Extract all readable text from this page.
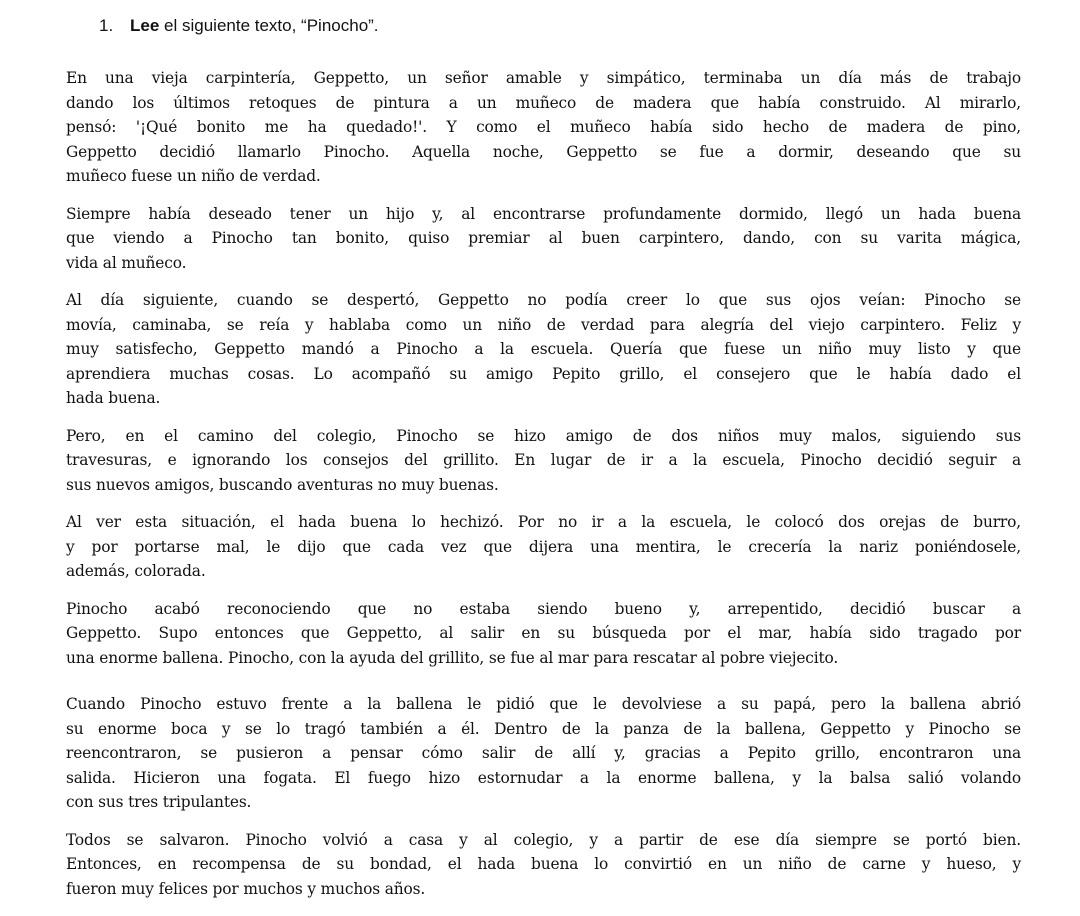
1. Lee el siguiente texto, “Pinocho”.
En una vieja carpintería, Geppetto, un señor amable y simpático, terminaba un día más de trabajo
dando los últimos retoques de pintura a un muñeco de madera que había construido. Al mirarlo,
pensó: '¡Qué bonito me ha quedado!'. Y como el muñeco había sido hecho de madera de pino,
Geppetto decidió llamarlo Pinocho. Aquella noche, Geppetto se fue a dormir, deseando que su
muñeco fuese un niño de verdad.
Siempre había deseado tener un hijo y, al encontrarse profundamente dormido, llegó un hada buena
que viendo a Pinocho tan bonito, quiso premiar al buen carpintero, dando, con su varita mágica,
vida al muñeco.
Al día siguiente, cuando se despertó, Geppetto no podía creer lo que sus ojos veían: Pinocho se
movía, caminaba, se reía y hablaba como un niño de verdad para alegría del viejo carpintero. Feliz y
muy satisfecho, Geppetto mandó a Pinocho a la escuela. Quería que fuese un niño muy listo y que
aprendiera muchas cosas. Lo acompañó su amigo Pepito grillo, el consejero que le había dado el
hada buena.
Pero, en el camino del colegio, Pinocho se hizo amigo de dos niños muy malos, siguiendo sus
travesuras, e ignorando los consejos del grillito. En lugar de ir a la escuela, Pinocho decidió seguir a
sus nuevos amigos, buscando aventuras no muy buenas.
Al ver esta situación, el hada buena lo hechizó. Por no ir a la escuela, le colocó dos orejas de burro,
y por portarse mal, le dijo que cada vez que dijera una mentira, le crecería la nariz poniéndosele,
además, colorada.
Pinocho acabó reconociendo que no estaba siendo bueno y, arrepentido, decidió buscar a
Geppetto. Supo entonces que Geppetto, al salir en su búsqueda por el mar, había sido tragado por
una enorme ballena. Pinocho, con la ayuda del grillito, se fue al mar para rescatar al pobre viejecito.
Cuando Pinocho estuvo frente a la ballena le pidió que le devolviese a su papá, pero la ballena abrió
su enorme boca y se lo tragó también a él. Dentro de la panza de la ballena, Geppetto y Pinocho se
reencontraron, se pusieron a pensar cómo salir de allí y, gracias a Pepito grillo, encontraron una
salida. Hicieron una fogata. El fuego hizo estornudar a la enorme ballena, y la balsa salió volando
con sus tres tripulantes.
Todos se salvaron. Pinocho volvió a casa y al colegio, y a partir de ese día siempre se portó bien.
Entonces, en recompensa de su bondad, el hada buena lo convirtió en un niño de carne y hueso, y
fueron muy felices por muchos y muchos años.
